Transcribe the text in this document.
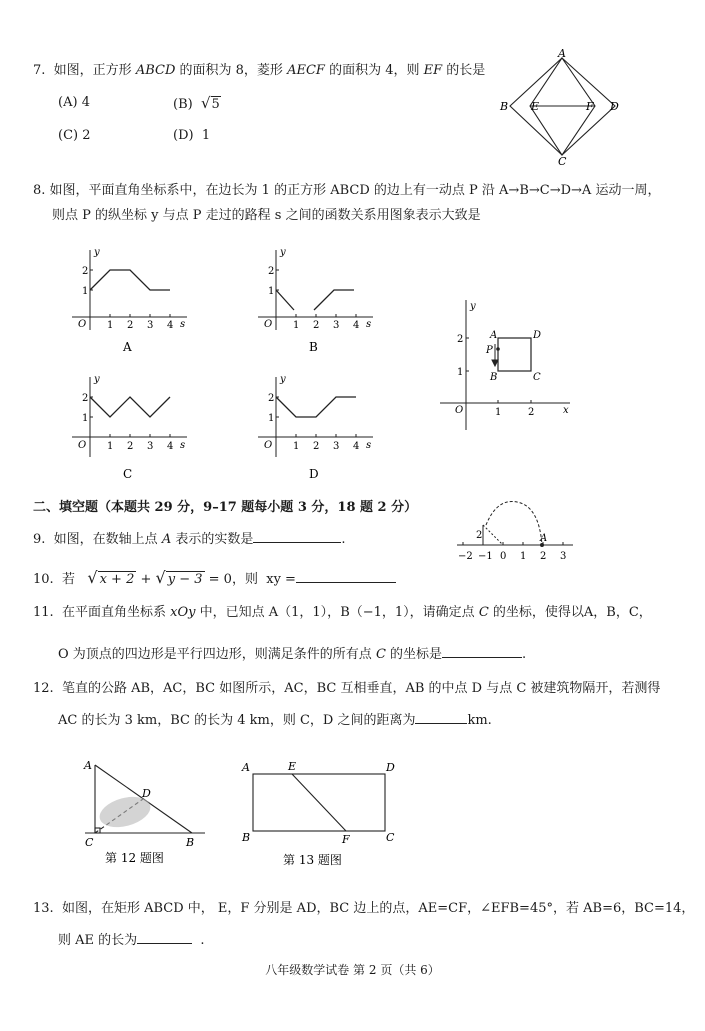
7. 如图，正方形 ABCD 的面积为 8，菱形 AECF 的面积为 4，则 EF 的长是
(A) 4	(B) √5
(C) 2	(D) 1
A
B E	F D
C
8. 如图，平面直角坐标系中，在边长为 1 的正方形 ABCD 的边上有一动点 P 沿 A→B→C→D→A 运动一周，
则点 P 的纵坐标 y 与点 P 走过的路程 s 之间的函数关系用图象表示大致是
y
s
O
1
2
1 2 3 4
A
y
s
O
1
2
1 2 3 4
B
y
s
O
1
2
1 2 3 4
C
y
s
O
1
2
1 2 3 4
D
y
x
O
2
1
1	2
A	D
B	C
P
二、填空题（本题共 29 分，9–17 题每小题 3 分，18 题 2 分）
9. 如图，在数轴上点 A 表示的实数是	.	2	A
−2 −1 0 1 2 3
10. 若 √ x + 2 + √ y − 3 = 0，则 xy =
11. 在平面直角坐标系 xOy 中，已知点 A（1，1），B（−1，1），请确定点 C 的坐标，使得以A，B，C，
O 为顶点的四边形是平行四边形，则满足条件的所有点 C 的坐标是	.
12. 笔直的公路 AB，AC，BC 如图所示，AC，BC 互相垂直，AB 的中点 D 与点 C 被建筑物隔开，若测得
AC 的长为 3 km，BC 的长为 4 km，则 C，D 之间的距离为	km.
A
D
C	B
第 12 题图
A	E	D
B	F	C
第 13 题图
13. 如图，在矩形 ABCD 中， E，F 分别是 AD，BC 边上的点，AE=CF，∠EFB=45°，若 AB=6，BC=14，
则 AE 的长为	.
八年级数学试卷 第 2 页（共 6）
